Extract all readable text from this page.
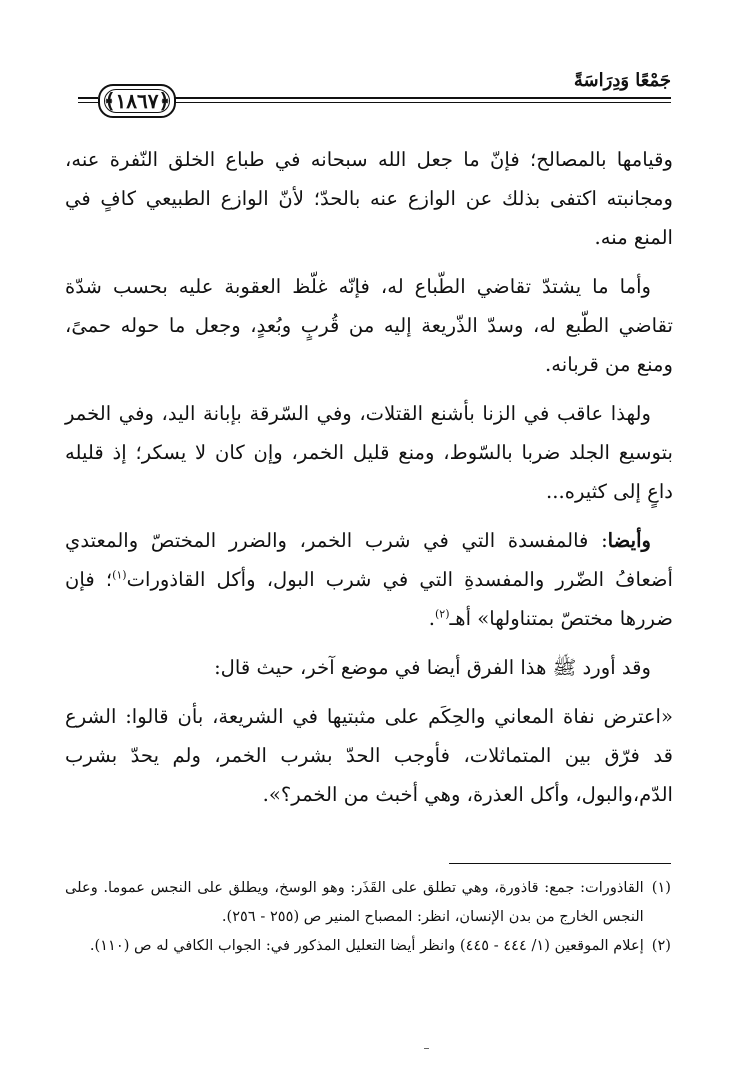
جَمْعًا وَدِرَاسَةً
﴿١٨٦٧﴾

وقيامها بالمصالح؛ فإنّ ما جعل الله سبحانه في طباع الخلق النّفرة عنه، ومجانبته اكتفى بذلك عن الوازع عنه بالحدّ؛ لأنّ الوازع الطبيعي كافٍ في المنع منه.

وأما ما يشتدّ تقاضي الطّباع له، فإنّه غلّظ العقوبة عليه بحسب شدّة تقاضي الطّبع له، وسدّ الذّريعة إليه من قُربٍ وبُعدٍ، وجعل ما حوله حمىً، ومنع من قربانه.

ولهذا عاقب في الزنا بأشنع القتلات، وفي السّرقة بإبانة اليد، وفي الخمر بتوسيع الجلد ضربا بالسّوط، ومنع قليل الخمر، وإن كان لا يسكر؛ إذ قليله داعٍ إلى كثيره...

وأيضا: فالمفسدة التي في شرب الخمر، والضرر المختصّ والمعتدي أضعافُ الضّرر والمفسدةِ التي في شرب البول، وأكل القاذورات$^{(١)}$؛ فإن ضررها مختصّ بمتناولها» أهـ$^{(٢)}$.

وقد أورد ﷺ هذا الفرق أيضا في موضع آخر، حيث قال:

«اعترض نفاة المعاني والحِكَم على مثبتيها في الشريعة، بأن قالوا: الشرع قد فرّق بين المتماثلات، فأوجب الحدّ بشرب الخمر، ولم يحدّ بشرب الدّم،والبول، وأكل العذرة، وهي أخبث من الخمر؟».

(١)
القاذورات: جمع: قاذورة، وهي تطلق على القَذَر: وهو الوسخ، ويطلق على النجس عموما. وعلى النجس الخارج من بدن الإنسان، انظر: المصباح المنير ص (٢٥٥ - ٢٥٦).
(٢)
إعلام الموقعين (١/ ٤٤٤ - ٤٤٥) وانظر أيضا التعليل المذكور في: الجواب الكافي له ص (١١٠).
